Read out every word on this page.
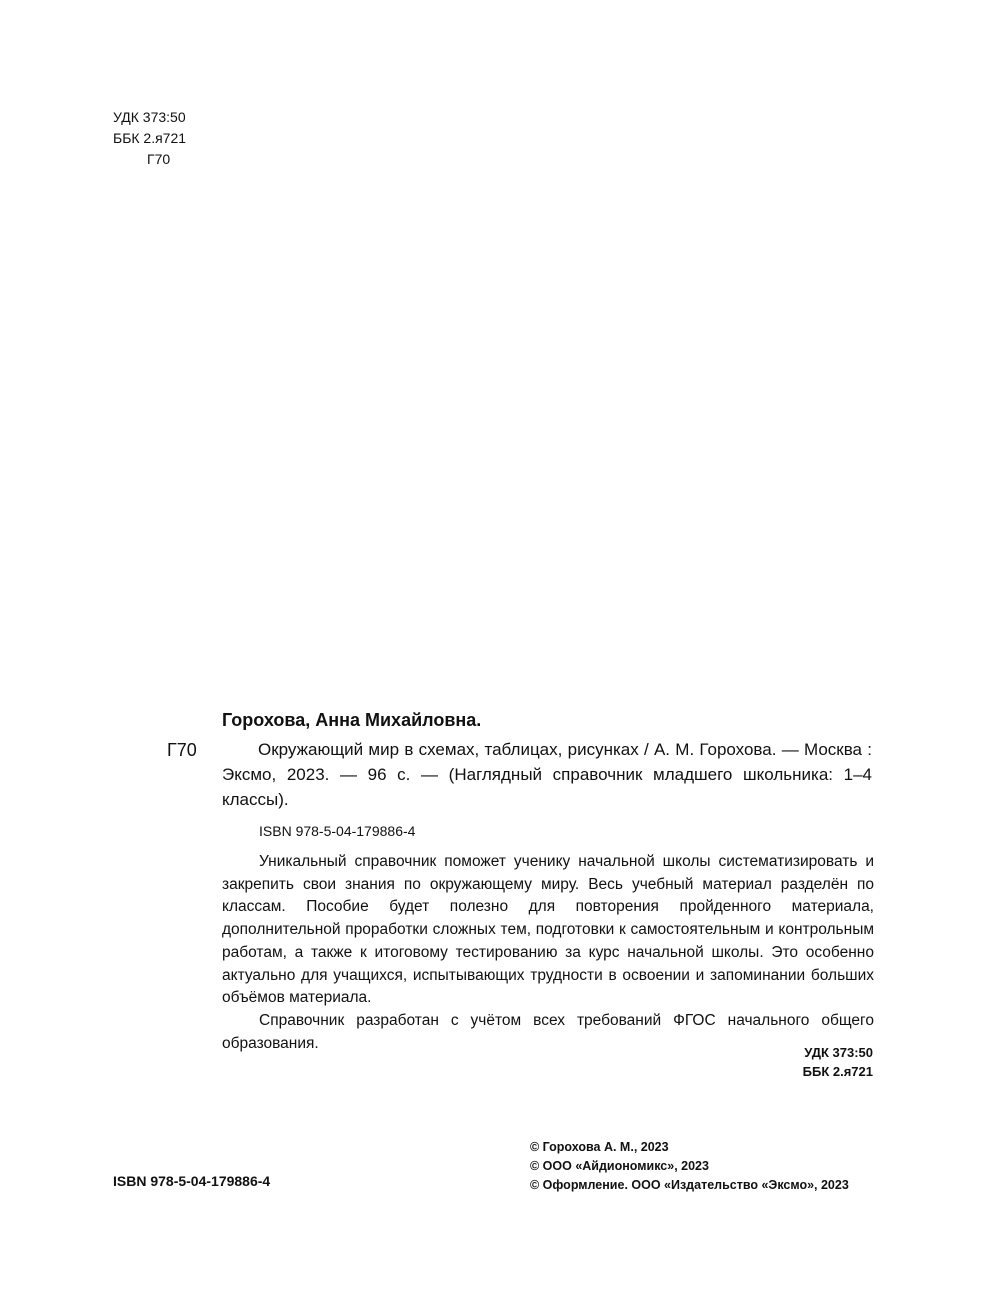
УДК 373:50
ББК 2.я721
Г70
Горохова, Анна Михайловна.
Г70	Окружающий мир в схемах, таблицах, рисунках / А. М. Горохова. — Москва : Эксмо, 2023. — 96 с. — (Наглядный справочник младшего школьника: 1–4 классы).
ISBN 978-5-04-179886-4

Уникальный справочник поможет ученику начальной школы систематизировать и закрепить свои знания по окружающему миру. Весь учебный материал разделён по классам. Пособие будет полезно для повторения пройденного материала, дополнительной проработки сложных тем, подготовки к самостоятельным и контрольным работам, а также к итоговому тестированию за курс начальной школы. Это особенно актуально для учащихся, испытывающих трудности в освоении и запоминании больших объёмов материала.

Справочник разработан с учётом всех требований ФГОС начального общего образования.

УДК 373:50
ББК 2.я721
ISBN 978-5-04-179886-4
© Горохова А. М., 2023
© ООО «Айдиономикс», 2023
© Оформление. ООО «Издательство «Эксмо», 2023
